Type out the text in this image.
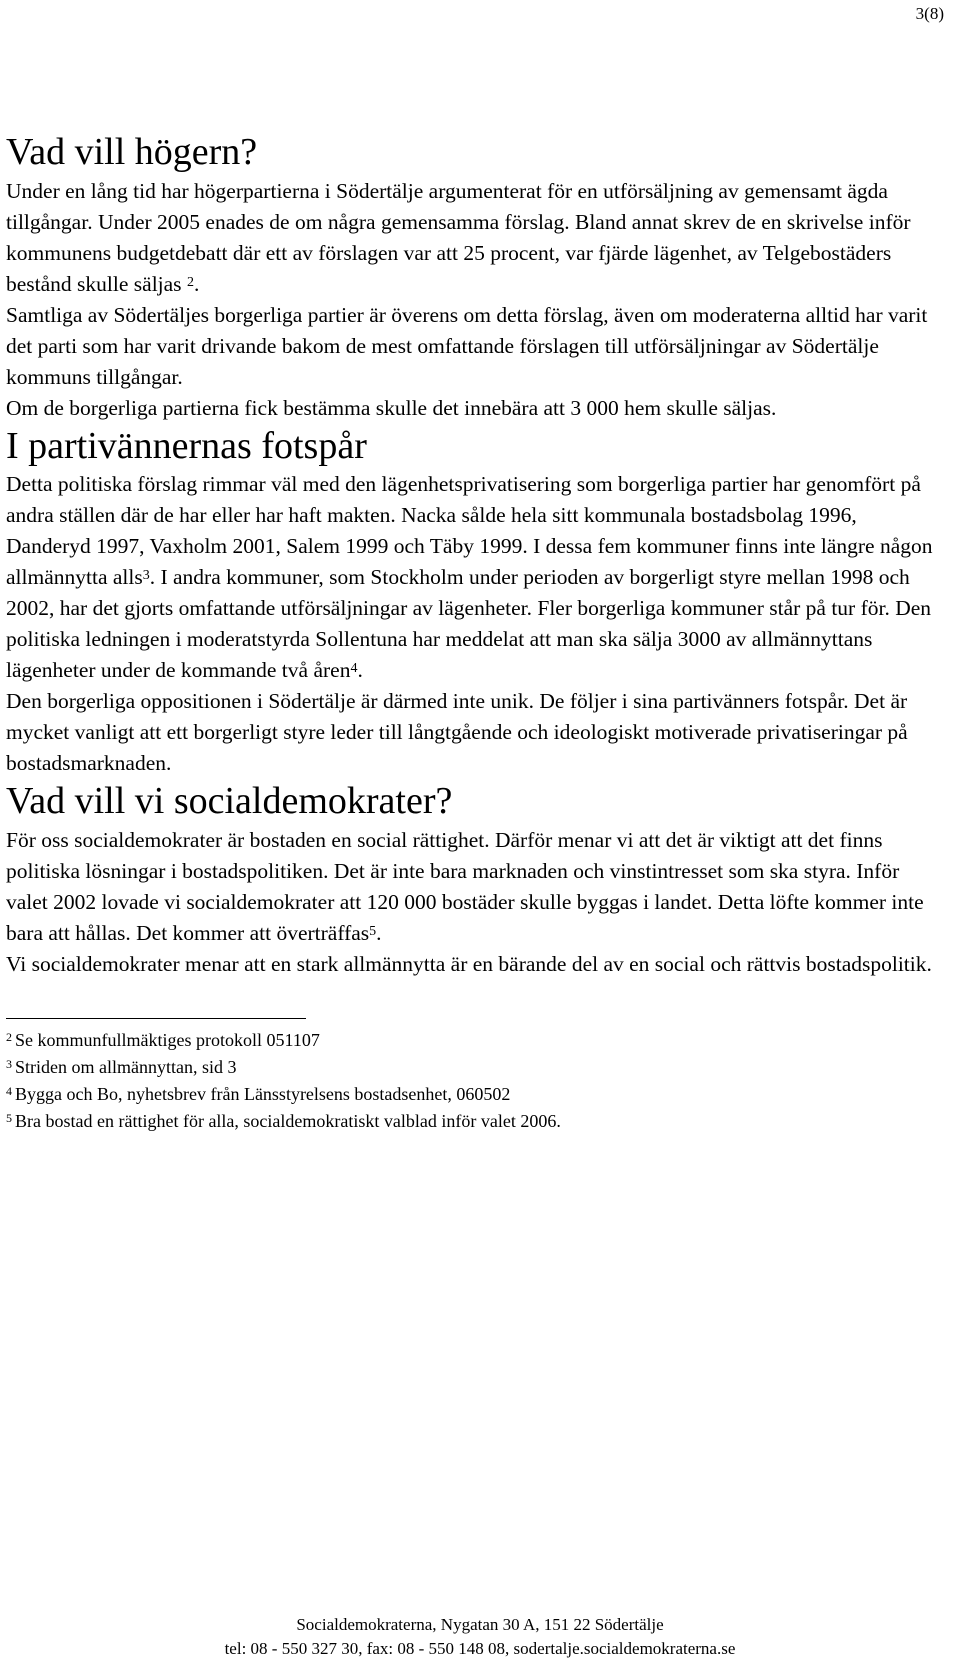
3(8)
Vad vill högern?

Under en lång tid har högerpartierna i Södertälje argumenterat för en utförsäljning av gemensamt ägda tillgångar. Under 2005 enades de om några gemensamma förslag. Bland annat skrev de en skrivelse inför kommunens budgetdebatt där ett av förslagen var att 25 procent, var fjärde lägenhet, av Telgebostäders bestånd skulle säljas $^2$.

Samtliga av Södertäljes borgerliga partier är överens om detta förslag, även om moderaterna alltid har varit det parti som har varit drivande bakom de mest omfattande förslagen till utförsäljningar av Södertälje kommuns tillgångar.

Om de borgerliga partierna fick bestämma skulle det innebära att 3 000 hem skulle säljas.

I partivännernas fotspår

Detta politiska förslag rimmar väl med den lägenhetsprivatisering som borgerliga partier har genomfört på andra ställen där de har eller har haft makten. Nacka sålde hela sitt kommunala bostadsbolag 1996, Danderyd 1997, Vaxholm 2001, Salem 1999 och Täby 1999. I dessa fem kommuner finns inte längre någon allmännytta alls$^3$. I andra kommuner, som Stockholm under perioden av borgerligt styre mellan 1998 och 2002, har det gjorts omfattande utförsäljningar av lägenheter. Fler borgerliga kommuner står på tur för. Den politiska ledningen i moderatstyrda Sollentuna har meddelat att man ska sälja 3000 av allmännyttans lägenheter under de kommande två åren$^4$.

Den borgerliga oppositionen i Södertälje är därmed inte unik. De följer i sina partivänners fotspår. Det är mycket vanligt att ett borgerligt styre leder till långtgående och ideologiskt motiverade privatiseringar på bostadsmarknaden.

Vad vill vi socialdemokrater?

För oss socialdemokrater är bostaden en social rättighet. Därför menar vi att det är viktigt att det finns politiska lösningar i bostadspolitiken. Det är inte bara marknaden och vinstintresset som ska styra. Inför valet 2002 lovade vi socialdemokrater att 120 000 bostäder skulle byggas i landet. Detta löfte kommer inte bara att hållas. Det kommer att överträffas$^5$.

Vi socialdemokrater menar att en stark allmännytta är en bärande del av en social och rättvis bostadspolitik.

$^2$ Se kommunfullmäktiges protokoll 051107
$^3$ Striden om allmännyttan, sid 3
$^4$ Bygga och Bo, nyhetsbrev från Länsstyrelsens bostadsenhet, 060502
$^5$ Bra bostad en rättighet för alla, socialdemokratiskt valblad inför valet 2006.
Socialdemokraterna, Nygatan 30 A, 151 22 Södertälje
tel: 08 - 550 327 30, fax: 08 - 550 148 08, sodertalje.socialdemokraterna.se
